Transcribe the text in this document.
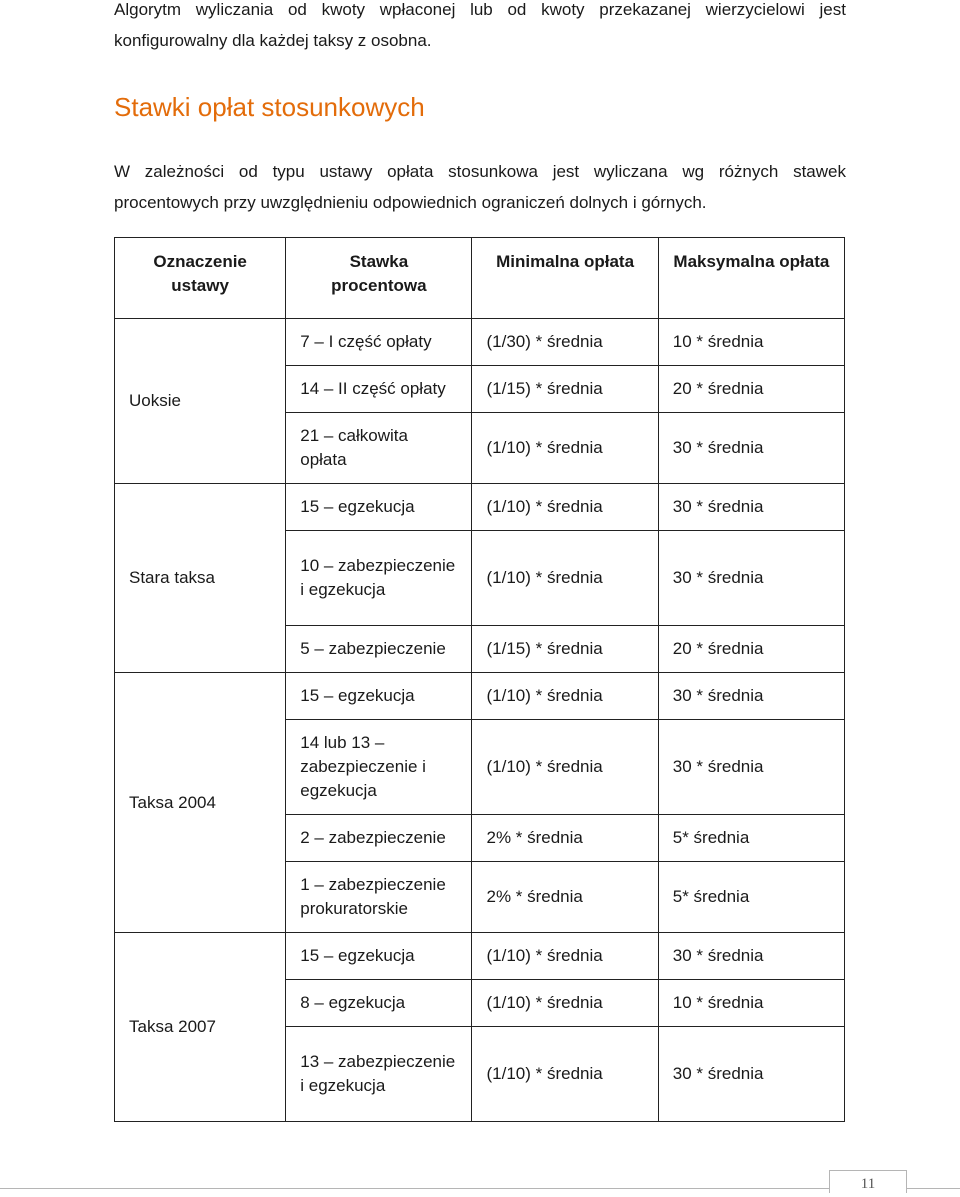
Algorytm wyliczania od kwoty wpłaconej lub od kwoty przekazanej wierzycielowi jest
konfigurowalny dla każdej taksy z osobna.

Stawki opłat stosunkowych

W zależności od typu ustawy opłata stosunkowa jest wyliczana wg różnych stawek
procentowych przy uwzględnieniu odpowiednich ograniczeń dolnych i górnych.

Oznaczenie ustawy	Stawka procentowa	Minimalna opłata	Maksymalna opłata
Uoksie	7 – I część opłaty	(1/30) * średnia	10 * średnia
	14 – II część opłaty	(1/15) * średnia	20 * średnia
	21 – całkowita opłata	(1/10) * średnia	30 * średnia
Stara taksa	15 – egzekucja	(1/10) * średnia	30 * średnia
	10 – zabezpieczenie i egzekucja	(1/10) * średnia	30 * średnia
	5 – zabezpieczenie	(1/15) * średnia	20 * średnia
Taksa 2004	15 – egzekucja	(1/10) * średnia	30 * średnia
	14 lub 13 – zabezpieczenie i egzekucja	(1/10) * średnia	30 * średnia
	2 – zabezpieczenie	2% * średnia	5* średnia
	1 – zabezpieczenie prokuratorskie	2% * średnia	5* średnia
Taksa 2007	15 – egzekucja	(1/10) * średnia	30 * średnia
	8 – egzekucja	(1/10) * średnia	10 * średnia
	13 – zabezpieczenie i egzekucja	(1/10) * średnia	30 * średnia
11
